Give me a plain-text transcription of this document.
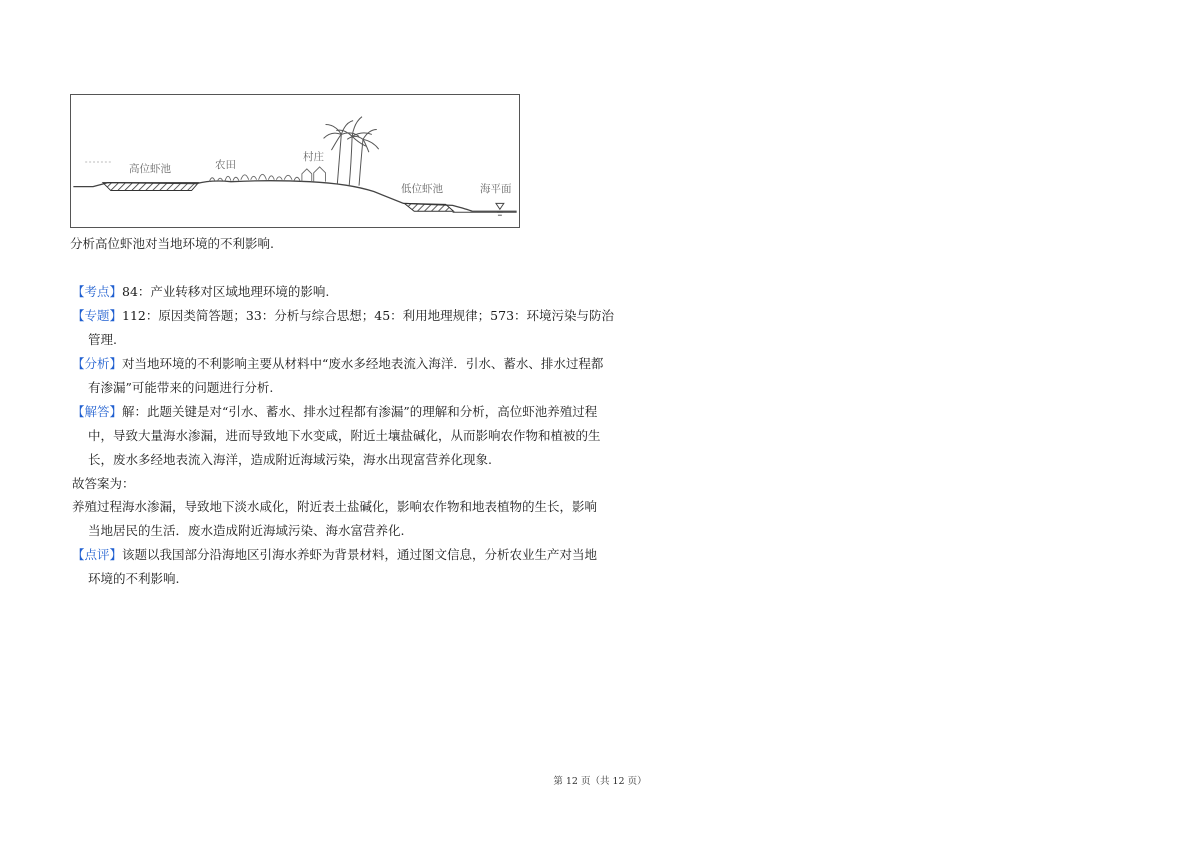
高位虾池	农田
村庄
低位虾池	海平面
分析高位虾池对当地环境的不利影响.
【考点】84：产业转移对区域地理环境的影响.
【专题】112：原因类简答题；33：分析与综合思想；45：利用地理规律；573：环境污染与防治
管理.
【分析】对当地环境的不利影响主要从材料中“废水多经地表流入海洋．引水、蓄水、排水过程都
有渗漏”可能带来的问题进行分析.
【解答】解：此题关键是对“引水、蓄水、排水过程都有渗漏”的理解和分析，高位虾池养殖过程
中，导致大量海水渗漏，进而导致地下水变咸，附近土壤盐碱化，从而影响农作物和植被的生
长，废水多经地表流入海洋，造成附近海域污染，海水出现富营养化现象.
故答案为：
养殖过程海水渗漏，导致地下淡水咸化，附近表土盐碱化，影响农作物和地表植物的生长，影响
当地居民的生活．废水造成附近海域污染、海水富营养化.
【点评】该题以我国部分沿海地区引海水养虾为背景材料，通过图文信息，分析农业生产对当地
环境的不利影响.
第 12 页（共 12 页）
